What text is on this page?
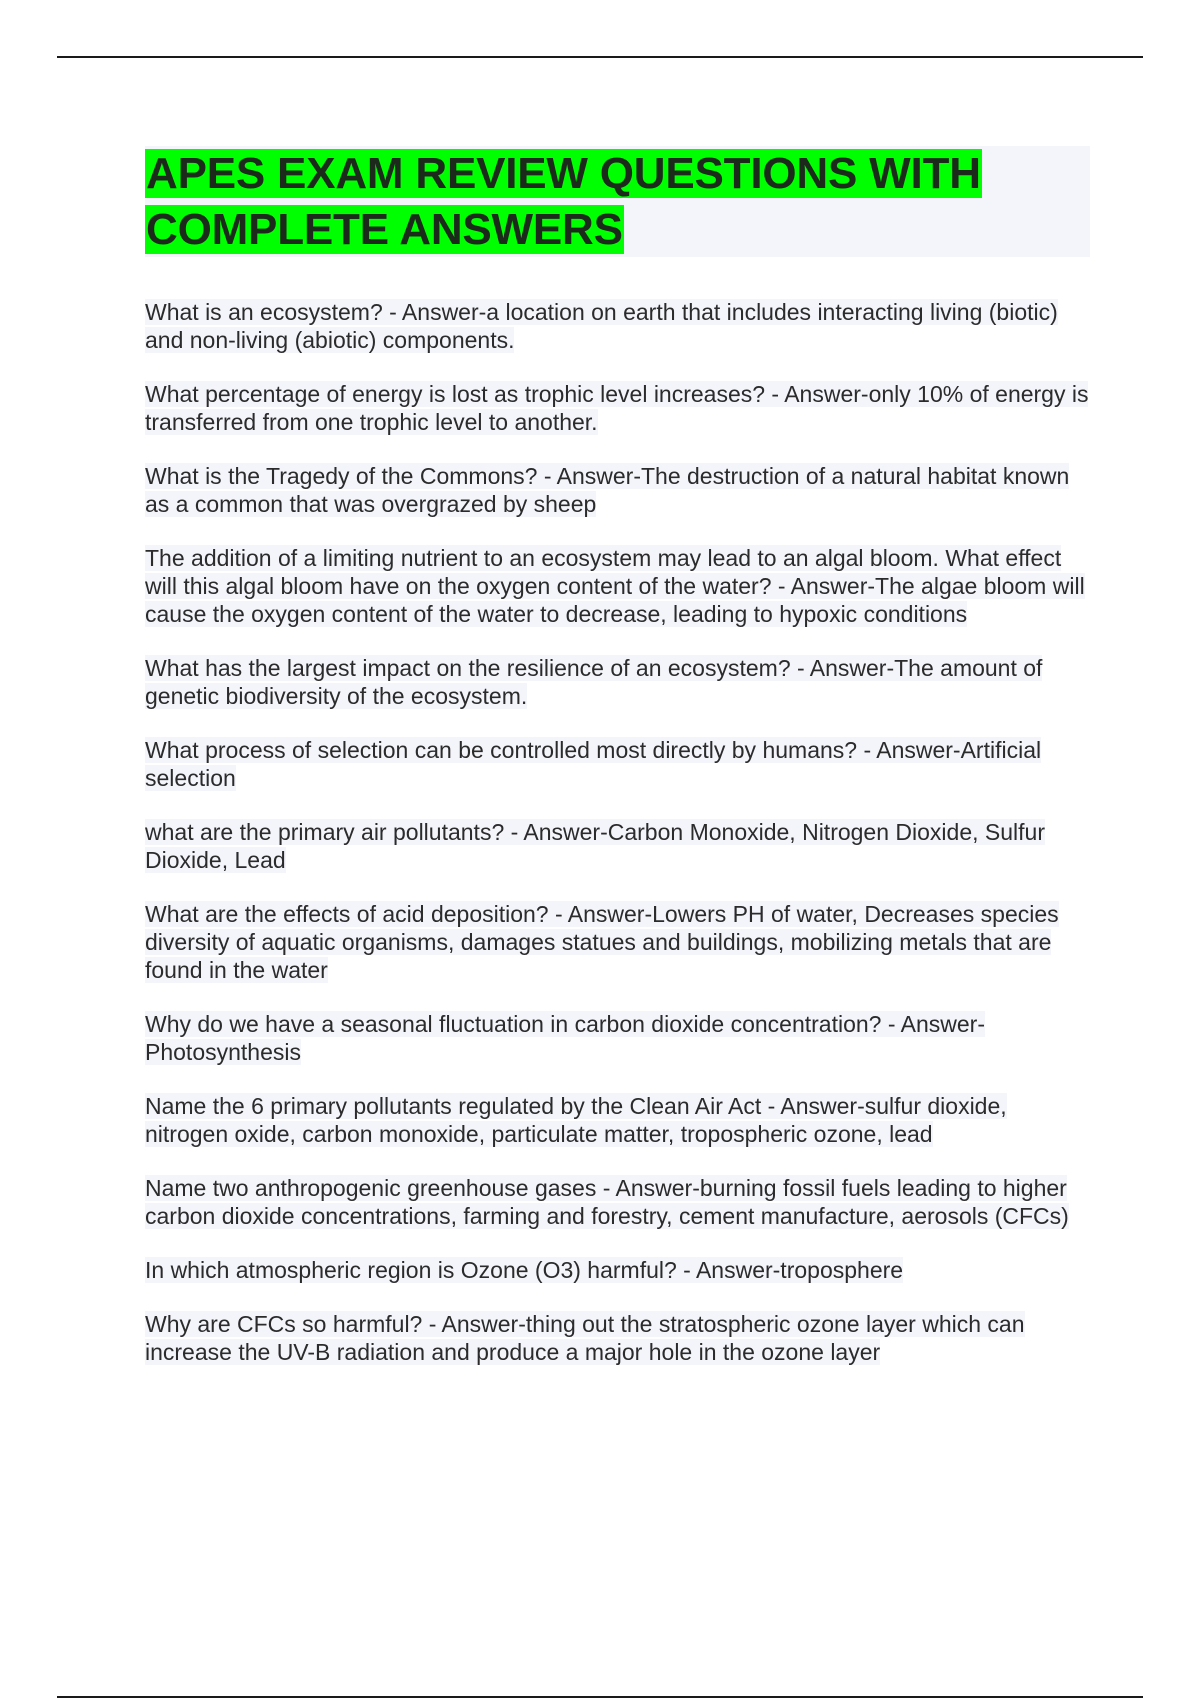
APES EXAM REVIEW QUESTIONS WITH
COMPLETE ANSWERS
What is an ecosystem? - Answer-a location on earth that includes interacting living (biotic) and non-living (abiotic) components.
What percentage of energy is lost as trophic level increases? - Answer-only 10% of energy is transferred from one trophic level to another.
What is the Tragedy of the Commons? - Answer-The destruction of a natural habitat known as a common that was overgrazed by sheep
The addition of a limiting nutrient to an ecosystem may lead to an algal bloom. What effect will this algal bloom have on the oxygen content of the water? - Answer-The algae bloom will cause the oxygen content of the water to decrease, leading to hypoxic conditions
What has the largest impact on the resilience of an ecosystem? - Answer-The amount of genetic biodiversity of the ecosystem.
What process of selection can be controlled most directly by humans? - Answer-Artificial selection
what are the primary air pollutants? - Answer-Carbon Monoxide, Nitrogen Dioxide, Sulfur Dioxide, Lead
What are the effects of acid deposition? - Answer-Lowers PH of water, Decreases species diversity of aquatic organisms, damages statues and buildings, mobilizing metals that are found in the water
Why do we have a seasonal fluctuation in carbon dioxide concentration? - Answer-Photosynthesis
Name the 6 primary pollutants regulated by the Clean Air Act - Answer-sulfur dioxide, nitrogen oxide, carbon monoxide, particulate matter, tropospheric ozone, lead
Name two anthropogenic greenhouse gases - Answer-burning fossil fuels leading to higher carbon dioxide concentrations, farming and forestry, cement manufacture, aerosols (CFCs)
In which atmospheric region is Ozone (O3) harmful? - Answer-troposphere
Why are CFCs so harmful? - Answer-thing out the stratospheric ozone layer which can increase the UV-B radiation and produce a major hole in the ozone layer
